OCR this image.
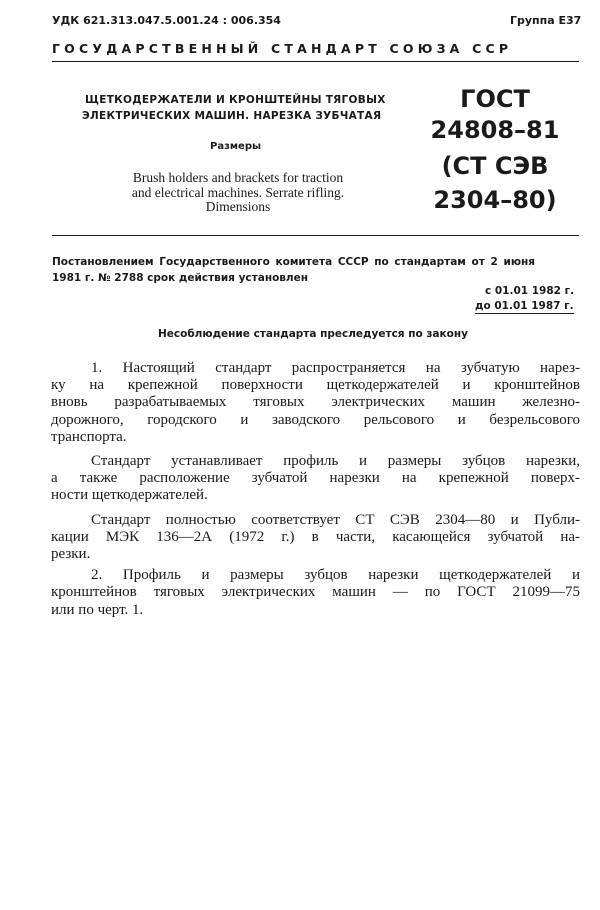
УДК 621.313.047.5.001.24 : 006.354	Группа Е37
ГОСУДАРСТВЕННЫЙ СТАНДАРТ СОЮЗА ССР
ЩЕТКОДЕРЖАТЕЛИ И КРОНШТЕЙНЫ ТЯГОВЫХ
ЭЛЕКТРИЧЕСКИХ МАШИН. НАРЕЗКА ЗУБЧАТАЯ
Размеры
Brush holders and brackets for traction
and electrical machines. Serrate rifling.
Dimensions
ГОСТ
24808–81
(СТ СЭВ
2304–80)
Постановлением Государственного комитета СССР по стандартам от 2 июня
1981 г. № 2788 срок действия установлен
с 01.01 1982 г.
до 01.01 1987 г.
Несоблюдение стандарта преследуется по закону

1. Настоящий стандарт распространяется на зубчатую нарез-
ку на крепежной поверхности щеткодержателей и кронштейнов
вновь разрабатываемых тяговых электрических машин железно-
дорожного, городского и заводского рельсового и безрельсового
транспорта.

Стандарт устанавливает профиль и размеры зубцов нарезки,
а также расположение зубчатой нарезки на крепежной поверх-
ности щеткодержателей.

Стандарт полностью соответствует СТ СЭВ 2304—80 и Публи-
кации МЭК 136—2А (1972 г.) в части, касающейся зубчатой на-
резки.

2. Профиль и размеры зубцов нарезки щеткодержателей и
кронштейнов тяговых электрических машин — по ГОСТ 21099—75
или по черт. 1.
